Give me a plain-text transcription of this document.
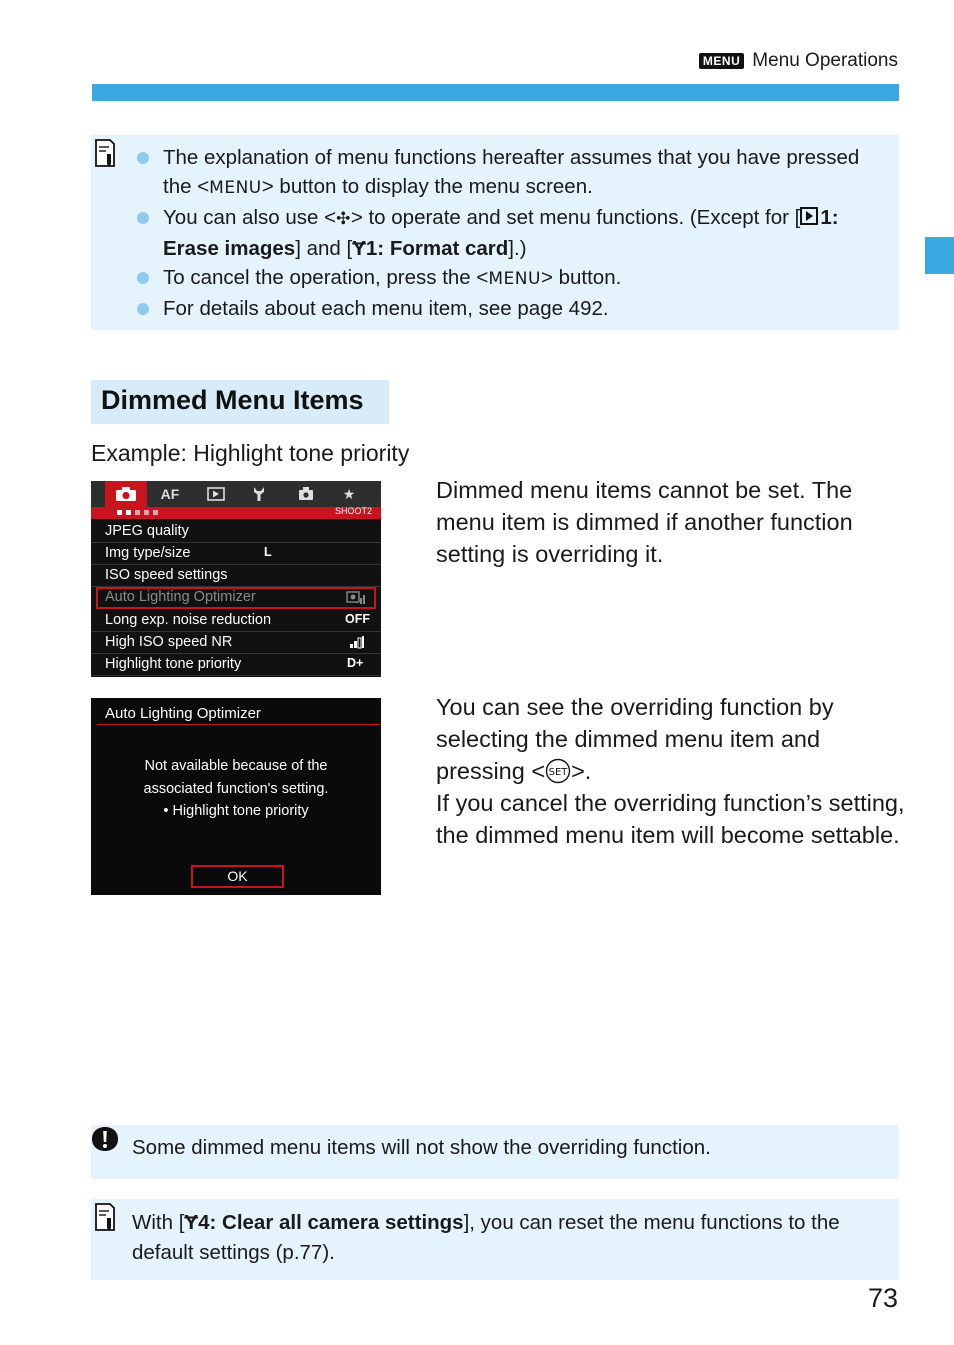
MENU Menu Operations
The explanation of menu functions hereafter assumes that you have pressed the <MENU> button to display the menu screen.
You can also use <✣> to operate and set menu functions. (Except for [ 1: Erase images] and [Ɏ1: Format card].)
To cancel the operation, press the <MENU> button.
For details about each menu item, see page 492.
Dimmed Menu Items
Example: Highlight tone priority
AF	★
SHOOT2
JPEG quality
Img type/size	L
ISO speed settings
Auto Lighting Optimizer
Long exp. noise reduction	OFF
High ISO speed NR
Highlight tone priority	D+
Dimmed menu items cannot be set. The menu item is dimmed if another function setting is overriding it.
Auto Lighting Optimizer
Not available because of the
associated function's setting.
• Highlight tone priority
OK
You can see the overriding function by selecting the dimmed menu item and pressing < SET >.
If you cancel the overriding function’s setting, the dimmed menu item will become settable.
Some dimmed menu items will not show the overriding function.
With [Ɏ4: Clear all camera settings], you can reset the menu functions to the default settings (p.77).
73
